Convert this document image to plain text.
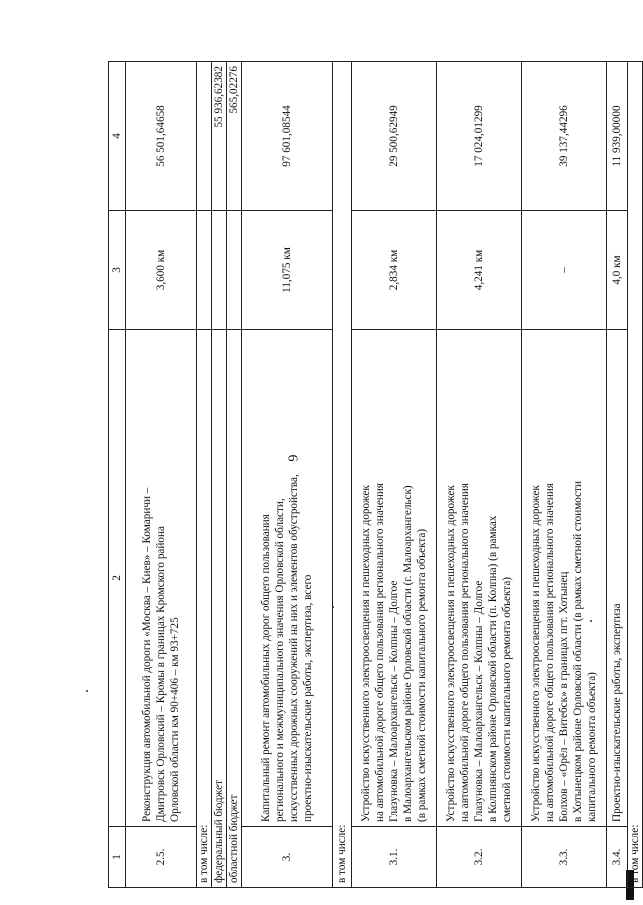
6
1	2	3	4
2.5.	Реконструкция автомобильной дороги «Москва – Киев» – Комаричи – Дмитровск Орловский – Кромы в границах Кромского района Орловской области км 90+406 – км 93+725	3,600 км	56 501,64658
в том числе:			
федеральный бюджет			55 936,62382
областной бюджет			565,02276
3.	Капитальный ремонт автомобильных дорог общего пользования регионального и межмуниципального значения Орловской области, искусственных дорожных сооружений на них и элементов обустройства, проектно-изыскательские работы, экспертиза, всего	11,075 км	97 601,08544
в том числе:			
3.1.	Устройство искусственного электроосвещения и пешеходных дорожек на автомобильной дороге общего пользования регионального значения Глазуновка – Малоархангельск – Колпны – Долгое в Малоархангельском районе Орловской области (г. Малоархангельск) (в рамках сметной стоимости капитального ремонта объекта)	2,834 км	29 500,62949
3.2.	Устройство искусственного электроосвещения и пешеходных дорожек на автомобильной дороге общего пользования регионального значения Глазуновка – Малоархангельск – Колпны – Долгое в Колпнянском районе Орловской области (п. Колпна) (в рамках сметной стоимости капитального ремонта объекта)	4,241 км	17 024,01299
3.3.	Устройство искусственного электроосвещения и пешеходных дорожек на автомобильной дороге общего пользования регионального значения Болхов – «Орёл – Витебск» в границах пгт. Хотынец в Хотынецком районе Орловской области (в рамках сметной стоимости капитального ремонта объекта)	–	39 137,44296
3.4.	Проектно-изыскательские работы, экспертиза	4,0 км	11 939,00000
в том числе:			
